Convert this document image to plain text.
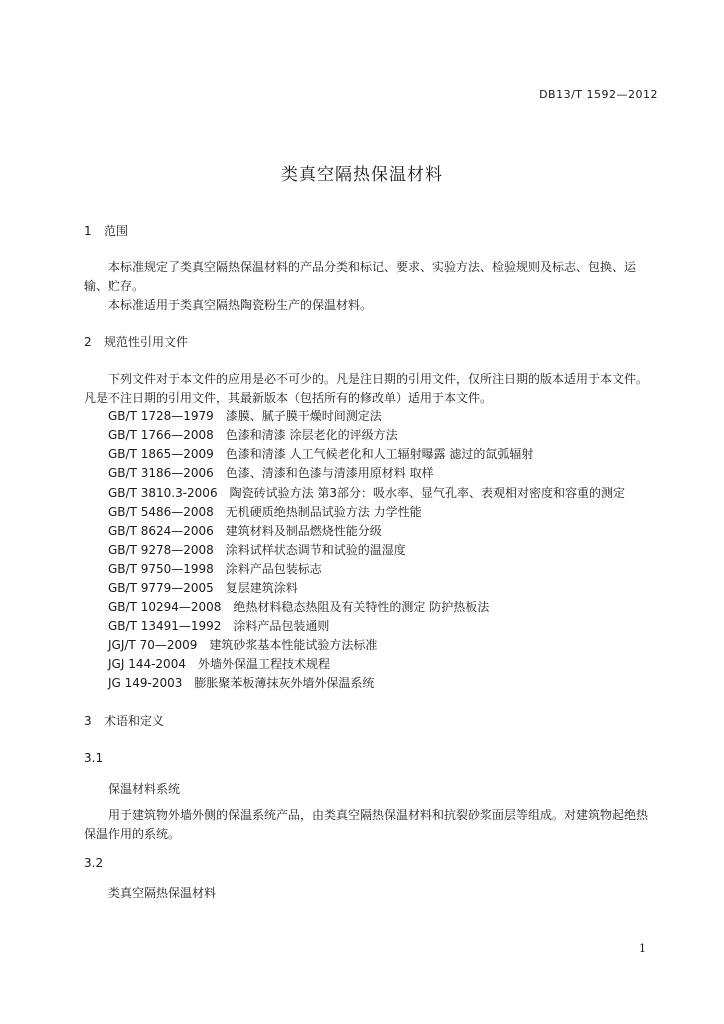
DB13/T 1592—2012
类真空隔热保温材料
1 范围
本标准规定了类真空隔热保温材料的产品分类和标记、要求、实验方法、检验规则及标志、包换、运输、贮存。
本标准适用于类真空隔热陶瓷粉生产的保温材料。
2 规范性引用文件
下列文件对于本文件的应用是必不可少的。凡是注日期的引用文件，仅所注日期的版本适用于本文件。凡是不注日期的引用文件，其最新版本（包括所有的修改单）适用于本文件。
GB/T 1728—1979　漆膜、腻子膜干燥时间测定法
GB/T 1766—2008　色漆和清漆 涂层老化的评级方法
GB/T 1865—2009　色漆和清漆 人工气候老化和人工辐射曝露 滤过的氙弧辐射
GB/T 3186—2006　色漆、清漆和色漆与清漆用原材料 取样
GB/T 3810.3-2006　陶瓷砖试验方法 第3部分：吸水率、显气孔率、表观相对密度和容重的测定
GB/T 5486—2008　无机硬质绝热制品试验方法 力学性能
GB/T 8624—2006　建筑材料及制品燃烧性能分级
GB/T 9278—2008　涂料试样状态调节和试验的温湿度
GB/T 9750—1998　涂料产品包装标志
GB/T 9779—2005　复层建筑涂料
GB/T 10294—2008　绝热材料稳态热阻及有关特性的测定 防护热板法
GB/T 13491—1992　涂料产品包装通则
JGJ/T 70—2009　建筑砂浆基本性能试验方法标准
JGJ 144-2004　外墙外保温工程技术规程
JG 149-2003　膨胀聚苯板薄抹灰外墙外保温系统
3 术语和定义
3.1
保温材料系统
用于建筑物外墙外侧的保温系统产品，由类真空隔热保温材料和抗裂砂浆面层等组成。对建筑物起绝热保温作用的系统。
3.2
类真空隔热保温材料
1
